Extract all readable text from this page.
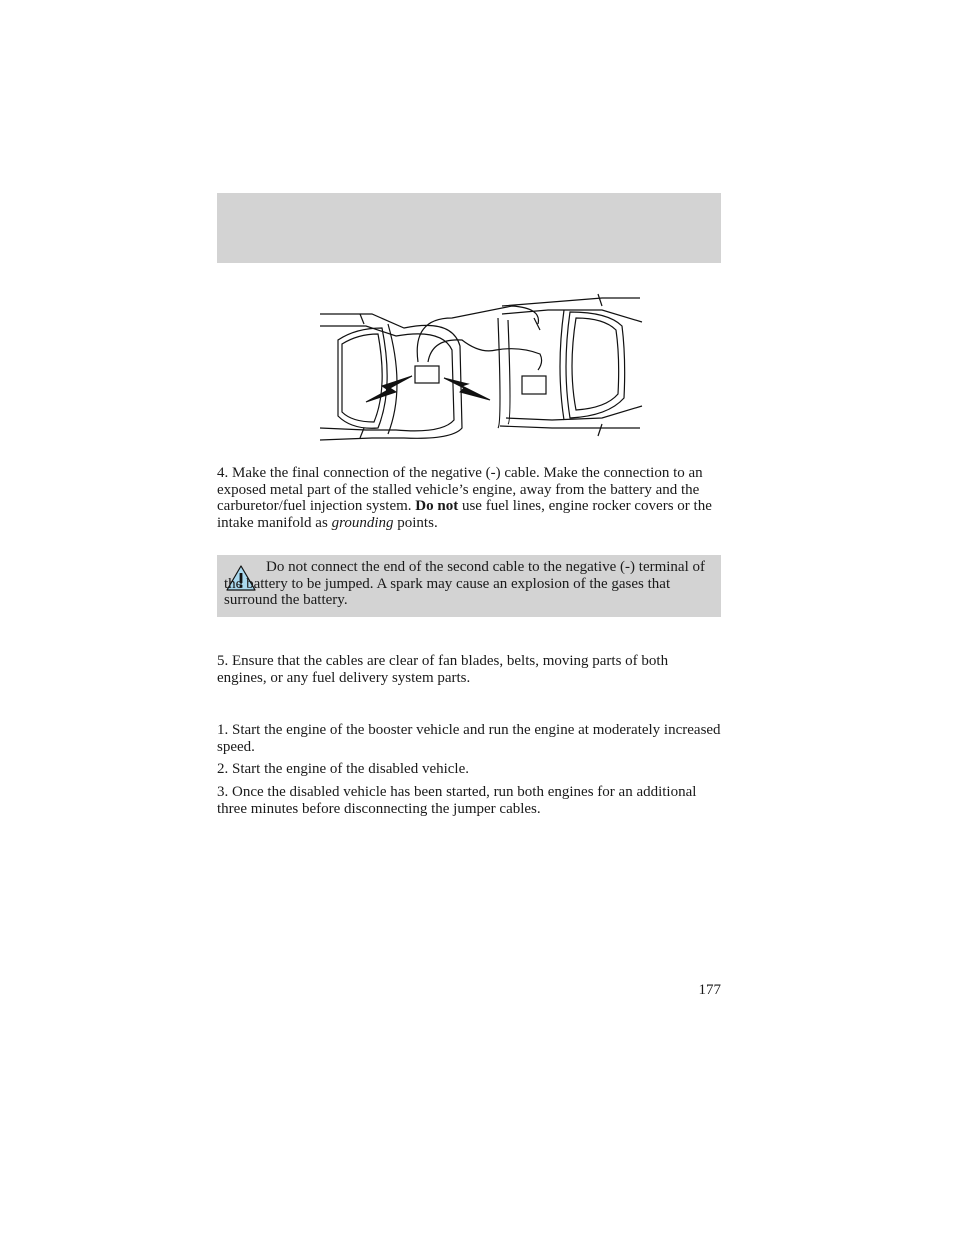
4. Make the final connection of the negative (-) cable. Make the connection to an exposed metal part of the stalled vehicle’s engine, away from the battery and the carburetor/fuel injection system. Do not use fuel lines, engine rocker covers or the intake manifold as grounding points.

Do not connect the end of the second cable to the negative (-) terminal of the battery to be jumped. A spark may cause an explosion of the gases that surround the battery.

5. Ensure that the cables are clear of fan blades, belts, moving parts of both engines, or any fuel delivery system parts.

1. Start the engine of the booster vehicle and run the engine at moderately increased speed.

2. Start the engine of the disabled vehicle.

3. Once the disabled vehicle has been started, run both engines for an additional three minutes before disconnecting the jumper cables.

177
